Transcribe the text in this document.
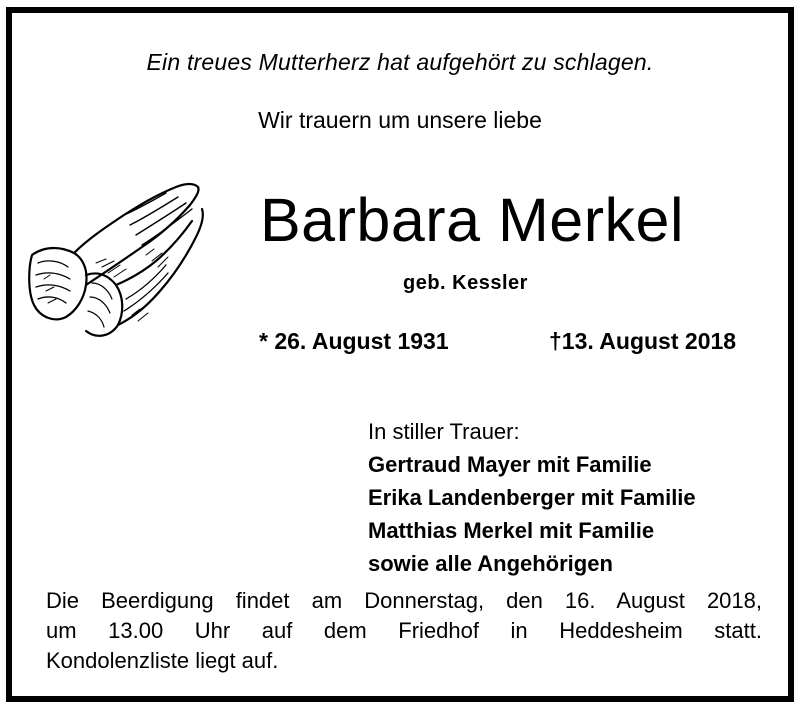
Ein treues Mutterherz hat aufgehört zu schlagen.
Wir trauern um unsere liebe
Barbara Merkel
geb. Kessler
* 26. August 1931	†13. August 2018
In stiller Trauer:
Gertraud Mayer mit Familie
Erika Landenberger mit Familie
Matthias Merkel mit Familie
sowie alle Angehörigen
Die Beerdigung findet am Donnerstag, den 16. August 2018,
um 13.00 Uhr auf dem Friedhof in Heddesheim statt.
Kondolenzliste liegt auf.
